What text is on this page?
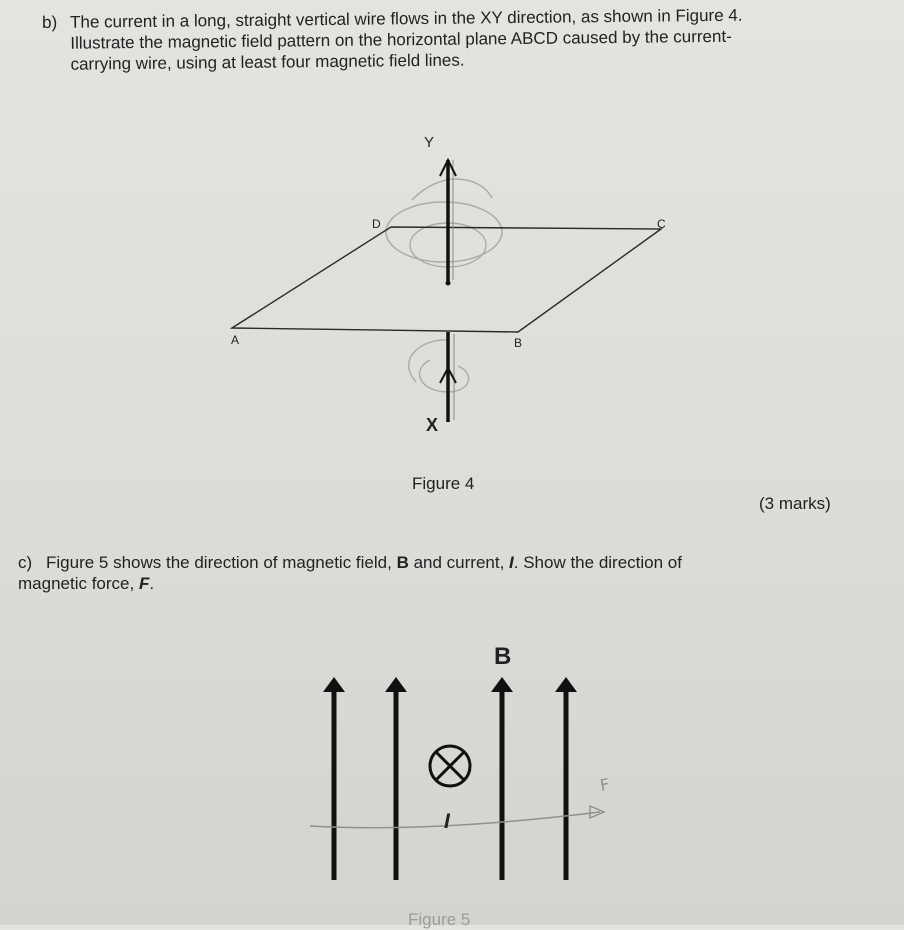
b) The current in a long, straight vertical wire flows in the XY direction, as shown in Figure 4.
Illustrate the magnetic field pattern on the horizontal plane ABCD caused by the current-
carrying wire, using at least four magnetic field lines.
Y
X
A	B
C
D
B
I
F
Figure 4
(3 marks)
c) Figure 5 shows the direction of magnetic field, B and current, I. Show the direction of
magnetic force, F.
Figure 5
